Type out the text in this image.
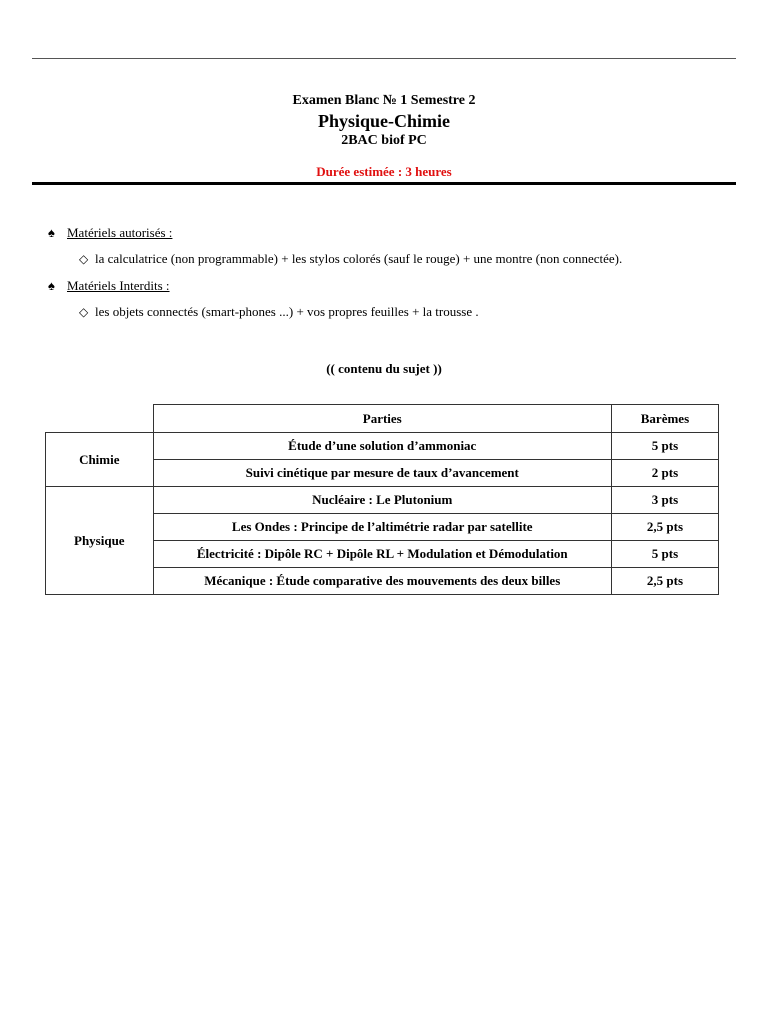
Examen Blanc № 1 Semestre 2
Physique-Chimie
2BAC biof PC
Durée estimée : 3 heures
♠ Matériels autorisés :
◇ la calculatrice (non programmable) + les stylos colorés (sauf le rouge) + une montre (non connectée).
♠ Matériels Interdits :
◇ les objets connectés (smart-phones ...) + vos propres feuilles + la trousse .
(( contenu du sujet ))
	Parties	Barèmes
Chimie	Étude d’une solution d’ammoniac	5 pts
	Suivi cinétique par mesure de taux d’avancement	2 pts
Physique	Nucléaire : Le Plutonium	3 pts
	Les Ondes : Principe de l’altimétrie radar par satellite	2,5 pts
	Électricité : Dipôle RC + Dipôle RL + Modulation et Démodulation	5 pts
	Mécanique : Étude comparative des mouvements des deux billes	2,5 pts
